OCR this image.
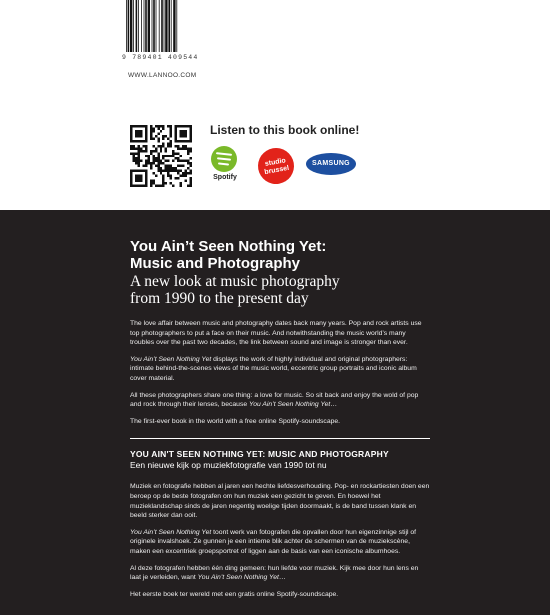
9 789401 409544
WWW.LANNOO.COM
Listen to this book online!
Spotify
studio
brussel
SAMSUNG
You Ain’t Seen Nothing Yet:
Music and Photography
A new look at music photography
from 1990 to the present day

The love affair between music and photography dates back many years. Pop and rock artists use top photographers to put a face on their music. And notwithstanding the music world’s many troubles over the past two decades, the link between sound and image is stronger than ever.

You Ain’t Seen Nothing Yet displays the work of highly individual and original photographers: intimate behind-the-scenes views of the music world, eccentric group portraits and iconic album cover material.

All these photographers share one thing: a love for music. So sit back and enjoy the wold of pop and rock through their lenses, because You Ain’t Seen Nothing Yet…

The first-ever book in the world with a free online Spotify-soundscape.

YOU AIN'T SEEN NOTHING YET: MUSIC AND PHOTOGRAPHY
Een nieuwe kijk op muziekfotografie van 1990 tot nu

Muziek en fotografie hebben al jaren een hechte liefdesverhouding. Pop- en rockartiesten doen een beroep op de beste fotografen om hun muziek een gezicht te geven. En hoewel het muzieklandschap sinds de jaren negentig woelige tijden doormaakt, is de band tussen klank en beeld sterker dan ooit.

You Ain’t Seen Nothing Yet toont werk van fotografen die opvallen door hun eigenzinnige stijl of originele invalshoek. Ze gunnen je een intieme blik achter de schermen van de muziekscène, maken een excentriek groepsportret of liggen aan de basis van een iconische albumhoes.

Al deze fotografen hebben één ding gemeen: hun liefde voor muziek. Kijk mee door hun lens en laat je verleiden, want You Ain’t Seen Nothing Yet…

Het eerste boek ter wereld met een gratis online Spotify-soundscape.
